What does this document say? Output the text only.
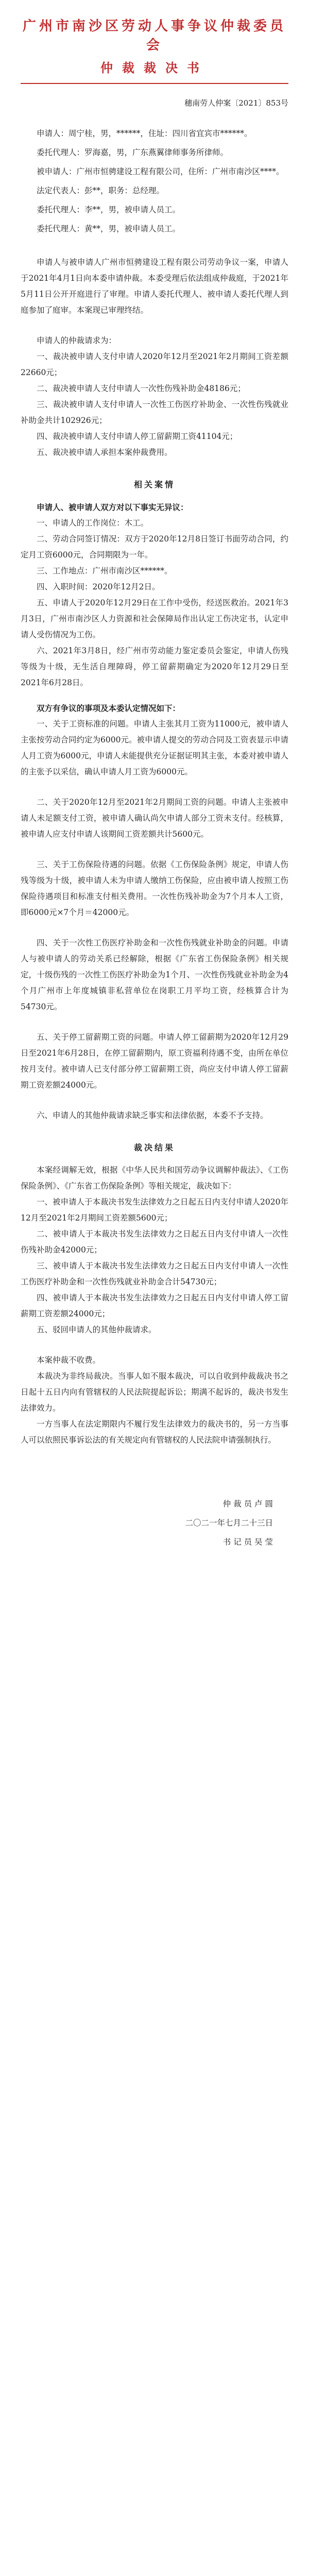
广州市南沙区劳动人事争议仲裁委员会
仲裁裁决书
穗南劳人仲案〔2021〕853号

申请人：周宁桂，男，******，住址：四川省宜宾市******。

委托代理人：罗海嘉，男，广东燕翼律师事务所律师。

被申请人：广州市恒骋建设工程有限公司，住所：广州市南沙区****。

法定代表人：彭**，职务：总经理。

委托代理人：李**，男，被申请人员工。

委托代理人：黄**，男，被申请人员工。

申请人与被申请人广州市恒骋建设工程有限公司劳动争议一案，申请人于2021年4月1日向本委申请仲裁。本委受理后依法组成仲裁庭，于2021年5月11日公开开庭进行了审理。申请人委托代理人、被申请人委托代理人到庭参加了庭审。本案现已审理终结。

申请人的仲裁请求为：

一、裁决被申请人支付申请人2020年12月至2021年2月期间工资差额22660元；

二、裁决被申请人支付申请人一次性伤残补助金48186元；

三、裁决被申请人支付申请人一次性工伤医疗补助金、一次性伤残就业补助金共计102926元；

四、裁决被申请人支付申请人停工留薪期工资41104元；

五、裁决被申请人承担本案仲裁费用。

相关案情

申请人、被申请人双方对以下事实无异议：

一、申请人的工作岗位：木工。

二、劳动合同签订情况：双方于2020年12月8日签订书面劳动合同，约定月工资6000元，合同期限为一年。

三、工作地点：广州市南沙区******。

四、入职时间：2020年12月2日。

五、申请人于2020年12月29日在工作中受伤，经送医救治。2021年3月3日，广州市南沙区人力资源和社会保障局作出认定工伤决定书，认定申请人受伤情况为工伤。

六、2021年3月8日，经广州市劳动能力鉴定委员会鉴定，申请人伤残等级为十级，无生活自理障碍，停工留薪期确定为2020年12月29日至2021年6月28日。

双方有争议的事项及本委认定情况如下：

一、关于工资标准的问题。申请人主张其月工资为11000元，被申请人主张按劳动合同约定为6000元。被申请人提交的劳动合同及工资表显示申请人月工资为6000元，申请人未能提供充分证据证明其主张，本委对被申请人的主张予以采信，确认申请人月工资为6000元。

二、关于2020年12月至2021年2月期间工资的问题。申请人主张被申请人未足额支付工资，被申请人确认尚欠申请人部分工资未支付。经核算，被申请人应支付申请人该期间工资差额共计5600元。

三、关于工伤保险待遇的问题。依据《工伤保险条例》规定，申请人伤残等级为十级，被申请人未为申请人缴纳工伤保险，应由被申请人按照工伤保险待遇项目和标准支付相关费用。一次性伤残补助金为7个月本人工资，即6000元×7个月＝42000元。

四、关于一次性工伤医疗补助金和一次性伤残就业补助金的问题。申请人与被申请人的劳动关系已经解除，根据《广东省工伤保险条例》相关规定，十级伤残的一次性工伤医疗补助金为1个月、一次性伤残就业补助金为4个月广州市上年度城镇非私营单位在岗职工月平均工资，经核算合计为54730元。

五、关于停工留薪期工资的问题。申请人停工留薪期为2020年12月29日至2021年6月28日，在停工留薪期内，原工资福利待遇不变，由所在单位按月支付。被申请人已支付部分停工留薪期工资，尚应支付申请人停工留薪期工资差额24000元。

六、申请人的其他仲裁请求缺乏事实和法律依据，本委不予支持。

裁决结果

本案经调解无效，根据《中华人民共和国劳动争议调解仲裁法》、《工伤保险条例》、《广东省工伤保险条例》等相关规定，裁决如下：

一、被申请人于本裁决书发生法律效力之日起五日内支付申请人2020年12月至2021年2月期间工资差额5600元；

二、被申请人于本裁决书发生法律效力之日起五日内支付申请人一次性伤残补助金42000元；

三、被申请人于本裁决书发生法律效力之日起五日内支付申请人一次性工伤医疗补助金和一次性伤残就业补助金合计54730元；

四、被申请人于本裁决书发生法律效力之日起五日内支付申请人停工留薪期工资差额24000元；

五、驳回申请人的其他仲裁请求。

本案仲裁不收费。

本裁决为非终局裁决。当事人如不服本裁决，可以自收到仲裁裁决书之日起十五日内向有管辖权的人民法院提起诉讼；期满不起诉的，裁决书发生法律效力。

一方当事人在法定期限内不履行发生法律效力的裁决书的，另一方当事人可以依照民事诉讼法的有关规定向有管辖权的人民法院申请强制执行。

仲 裁 员 卢 圆
二〇二一年七月二十三日
书 记 员 吴 莹
